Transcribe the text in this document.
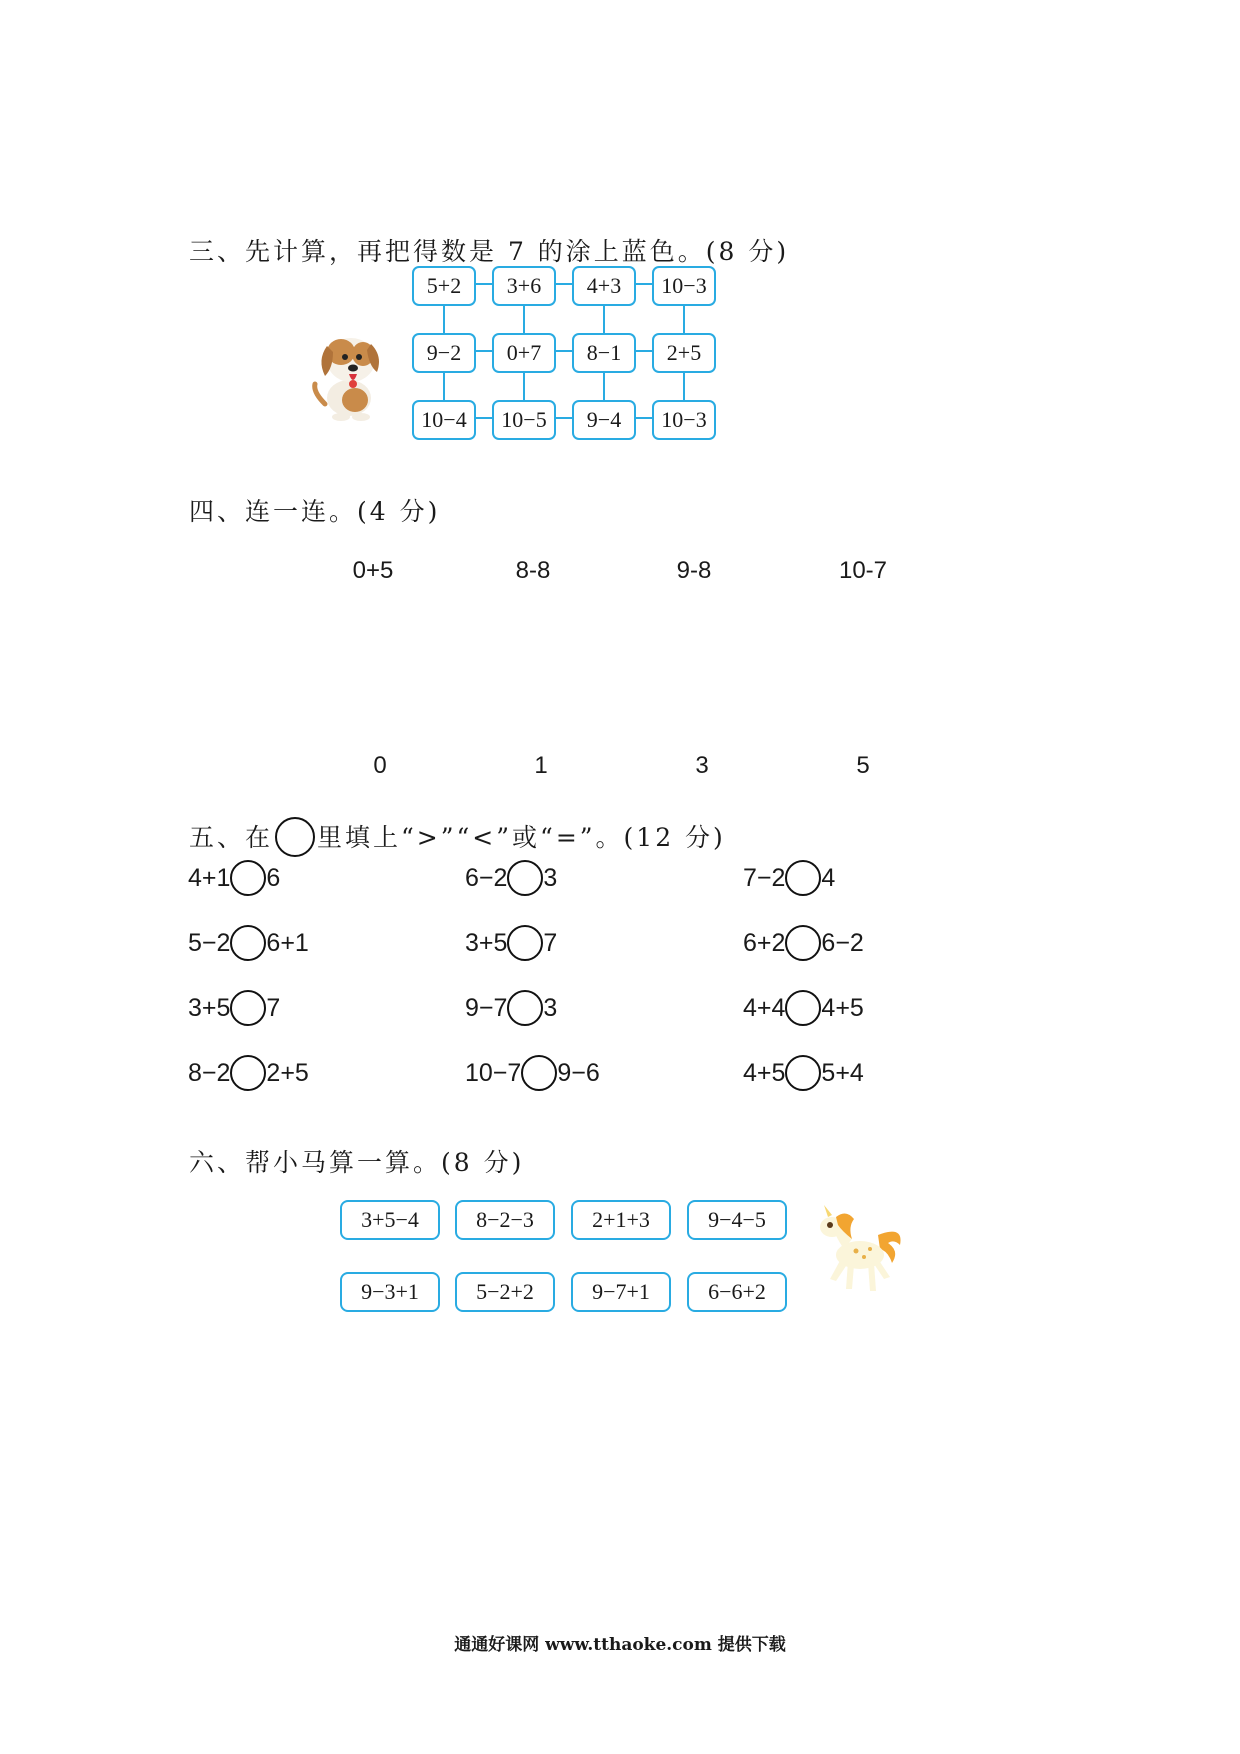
三、先计算，再把得数是 7 的涂上蓝色。(8 分)
5+2	3+6	4+3	10−3
9−2	0+7	8−1	2+5
10−4	10−5	9−4	10−3
四、连一连。(4 分)
0+5	8-8	9-8	10-7
0	1	3	5
五、在 里填上“>”“<”或“=”。(12 分)
4+1 6	6−2 3	7−2 4
5−2 6+1	3+5 7	6+2 6−2
3+5 7	9−7 3	4+4 4+5
8−2 2+5	10−7 9−6	4+5 5+4
六、帮小马算一算。(8 分)
3+5−4	8−2−3	2+1+3	9−4−5
9−3+1	5−2+2	9−7+1	6−6+2
通通好课网 www.tthaoke.com 提供下载
